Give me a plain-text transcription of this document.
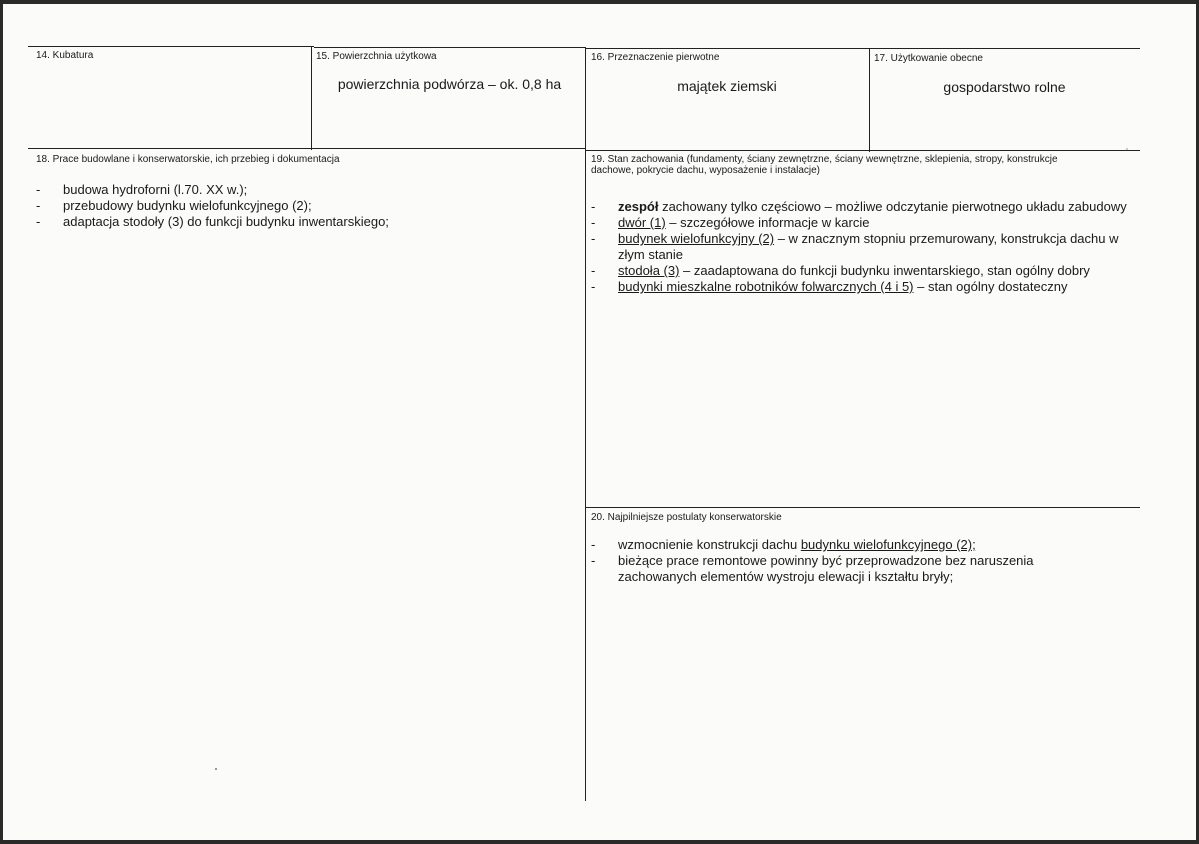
14. Kubatura	15. Powierzchnia użytkowa
powierzchnia podwórza – ok. 0,8 ha
16. Przeznaczenie pierwotne
majątek ziemski
17. Użytkowanie obecne
gospodarstwo rolne
18. Prace budowlane i konserwatorskie, ich przebieg i dokumentacja
- budowa hydroforni (l.70. XX w.);
- przebudowy budynku wielofunkcyjnego (2);
- adaptacja stodoły (3) do funkcji budynku inwentarskiego;
19. Stan zachowania (fundamenty, ściany zewnętrzne, ściany wewnętrzne, sklepienia, stropy, konstrukcje dachowe, pokrycie dachu, wyposażenie i instalacje)
- zespół zachowany tylko częściowo – możliwe odczytanie pierwotnego układu zabudowy
- dwór (1) – szczegółowe informacje w karcie
- budynek wielofunkcyjny (2) – w znacznym stopniu przemurowany, konstrukcja dachu w złym stanie
- stodoła (3) – zaadaptowana do funkcji budynku inwentarskiego, stan ogólny dobry
- budynki mieszkalne robotników folwarcznych (4 i 5) – stan ogólny dostateczny
20. Najpilniejsze postulaty konserwatorskie
- wzmocnienie konstrukcji dachu budynku wielofunkcyjnego (2);
- bieżące prace remontowe powinny być przeprowadzone bez naruszenia zachowanych elementów wystroju elewacji i kształtu bryły;
